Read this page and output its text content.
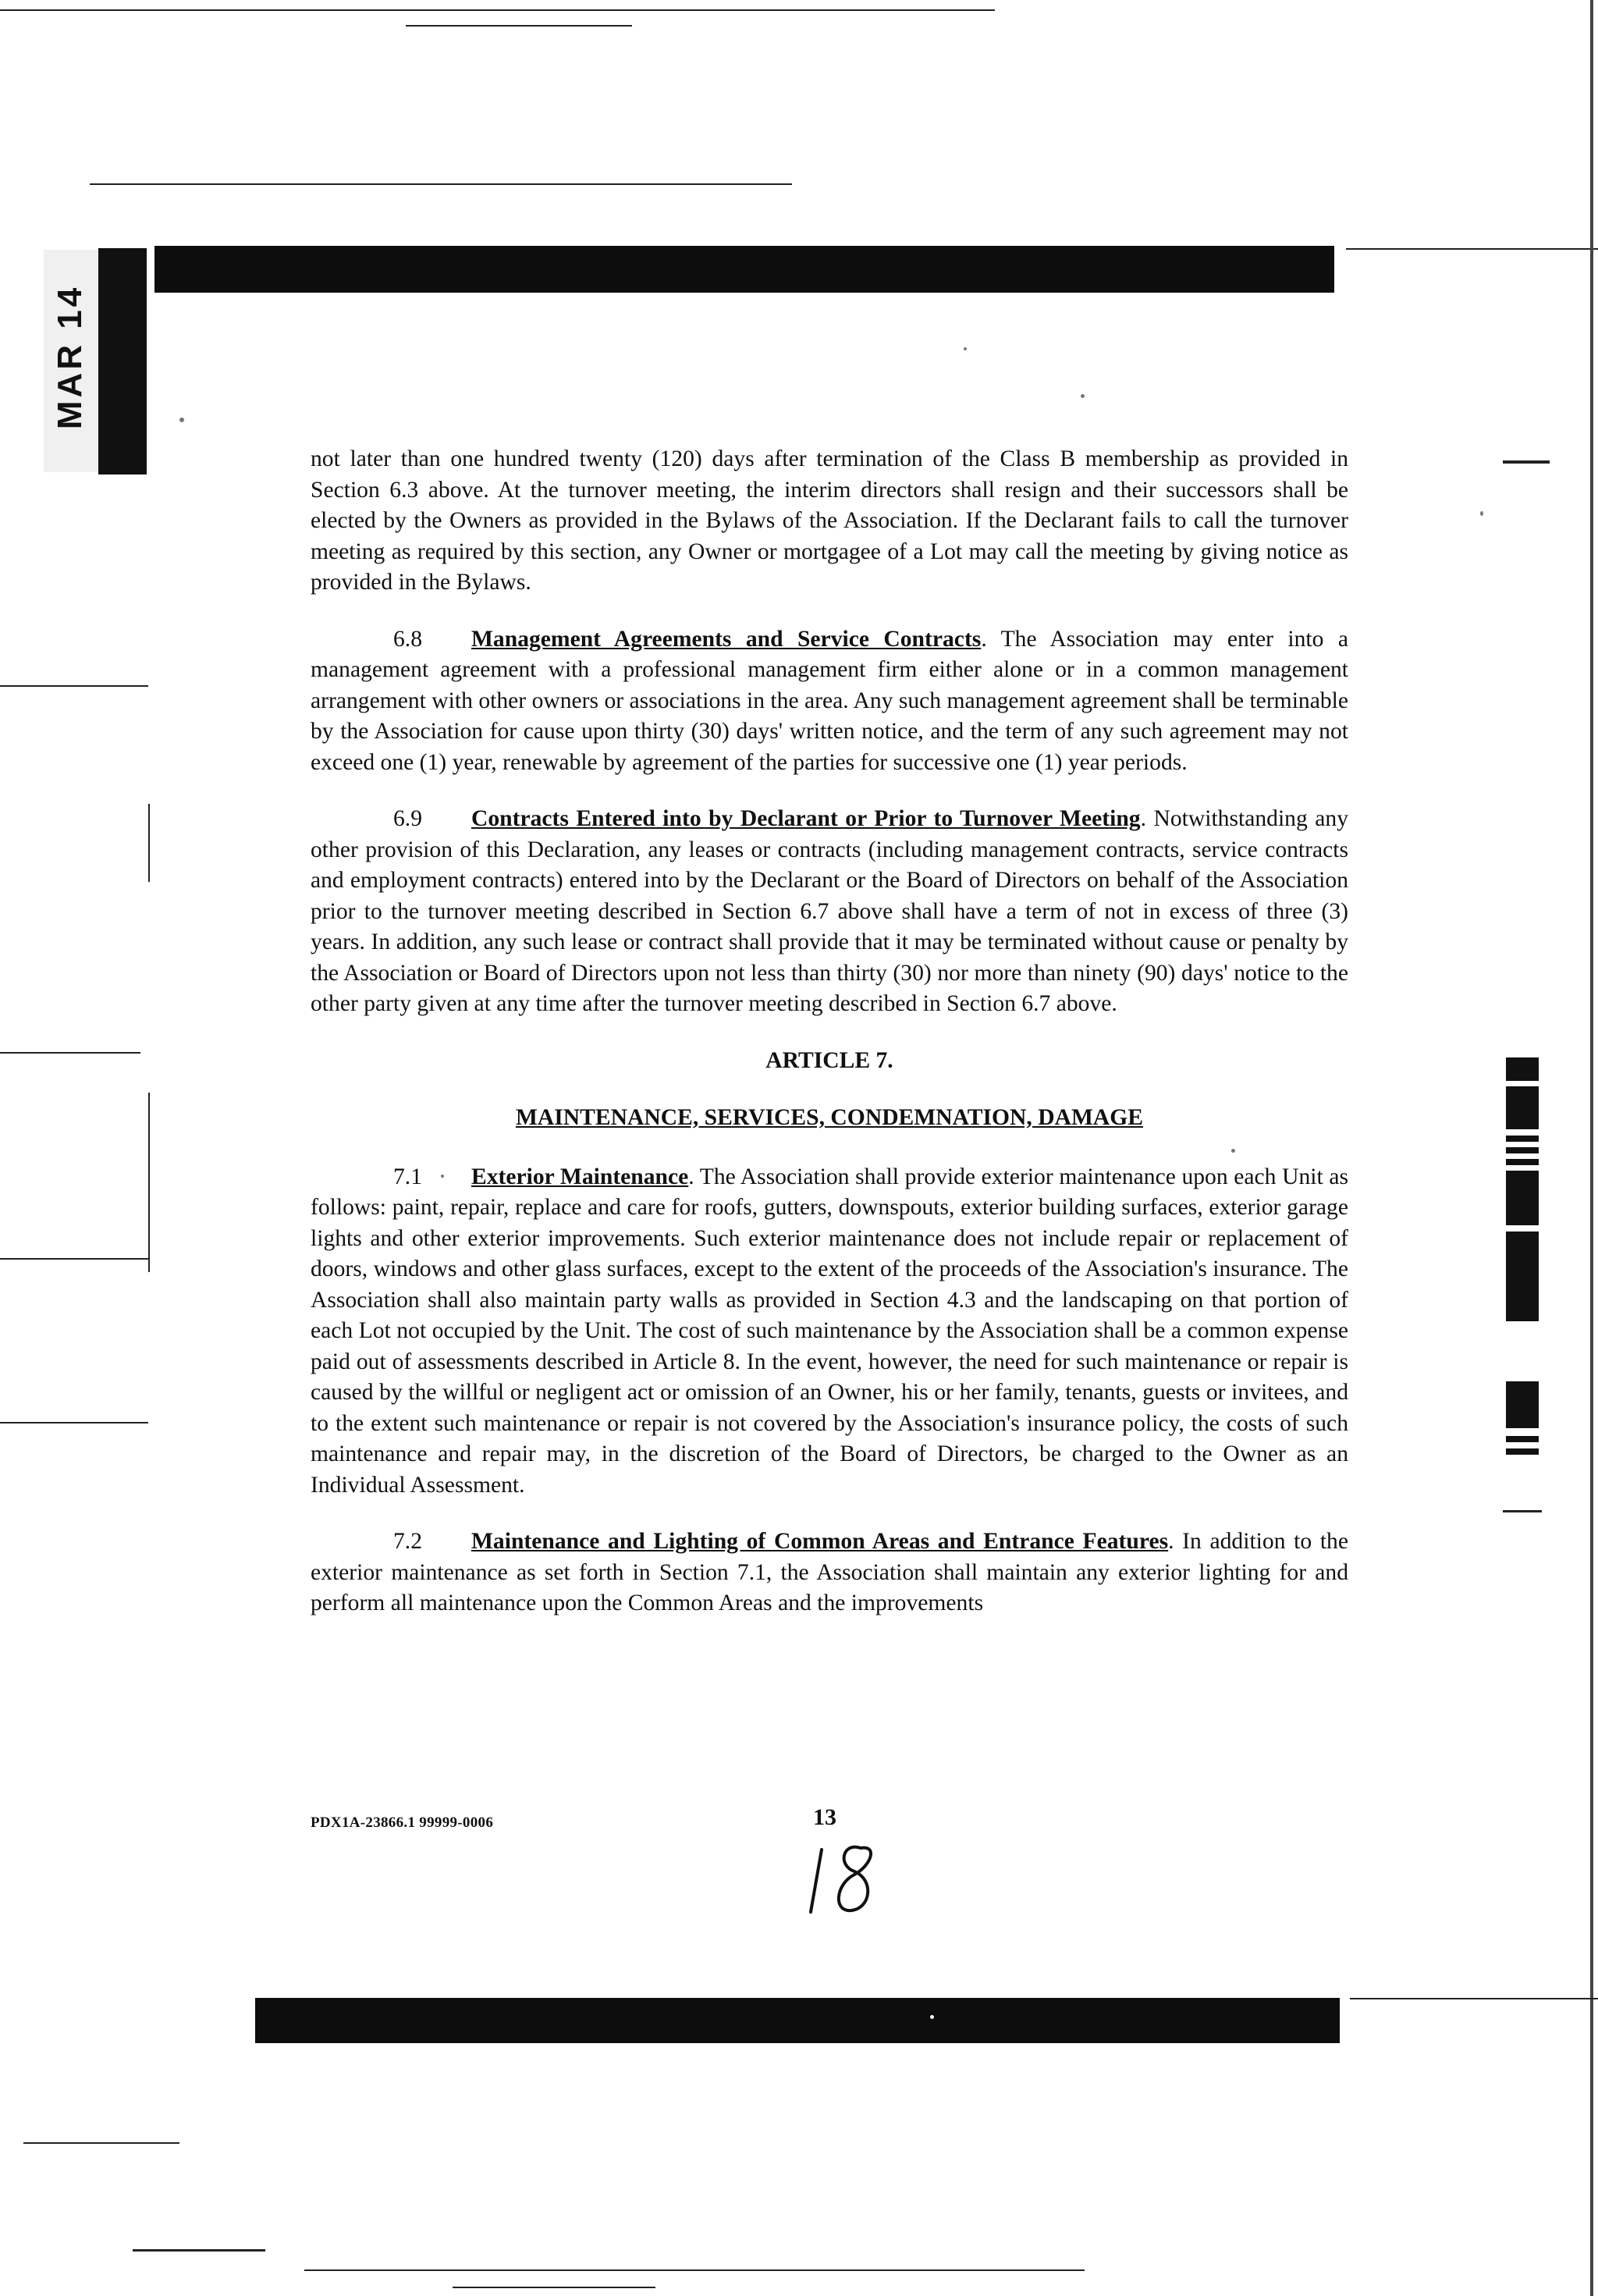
MAR 14

not later than one hundred twenty (120) days after termination of the Class B membership as provided in Section 6.3 above. At the turnover meeting, the interim directors shall resign and their successors shall be elected by the Owners as provided in the Bylaws of the Association. If the Declarant fails to call the turnover meeting as required by this section, any Owner or mortgagee of a Lot may call the meeting by giving notice as provided in the Bylaws.

6.8 Management Agreements and Service Contracts. The Association may enter into a management agreement with a professional management firm either alone or in a common management arrangement with other owners or associations in the area. Any such management agreement shall be terminable by the Association for cause upon thirty (30) days' written notice, and the term of any such agreement may not exceed one (1) year, renewable by agreement of the parties for successive one (1) year periods.

6.9 Contracts Entered into by Declarant or Prior to Turnover Meeting. Notwithstanding any other provision of this Declaration, any leases or contracts (including management contracts, service contracts and employment contracts) entered into by the Declarant or the Board of Directors on behalf of the Association prior to the turnover meeting described in Section 6.7 above shall have a term of not in excess of three (3) years. In addition, any such lease or contract shall provide that it may be terminated without cause or penalty by the Association or Board of Directors upon not less than thirty (30) nor more than ninety (90) days' notice to the other party given at any time after the turnover meeting described in Section 6.7 above.

ARTICLE 7.

MAINTENANCE, SERVICES, CONDEMNATION, DAMAGE

7.1 Exterior Maintenance. The Association shall provide exterior maintenance upon each Unit as follows: paint, repair, replace and care for roofs, gutters, downspouts, exterior building surfaces, exterior garage lights and other exterior improvements. Such exterior maintenance does not include repair or replacement of doors, windows and other glass surfaces, except to the extent of the proceeds of the Association's insurance. The Association shall also maintain party walls as provided in Section 4.3 and the landscaping on that portion of each Lot not occupied by the Unit. The cost of such maintenance by the Association shall be a common expense paid out of assessments described in Article 8. In the event, however, the need for such maintenance or repair is caused by the willful or negligent act or omission of an Owner, his or her family, tenants, guests or invitees, and to the extent such maintenance or repair is not covered by the Association's insurance policy, the costs of such maintenance and repair may, in the discretion of the Board of Directors, be charged to the Owner as an Individual Assessment.

7.2 Maintenance and Lighting of Common Areas and Entrance Features. In addition to the exterior maintenance as set forth in Section 7.1, the Association shall maintain any exterior lighting for and perform all maintenance upon the Common Areas and the improvements

PDX1A-23866.1 99999-0006	13
